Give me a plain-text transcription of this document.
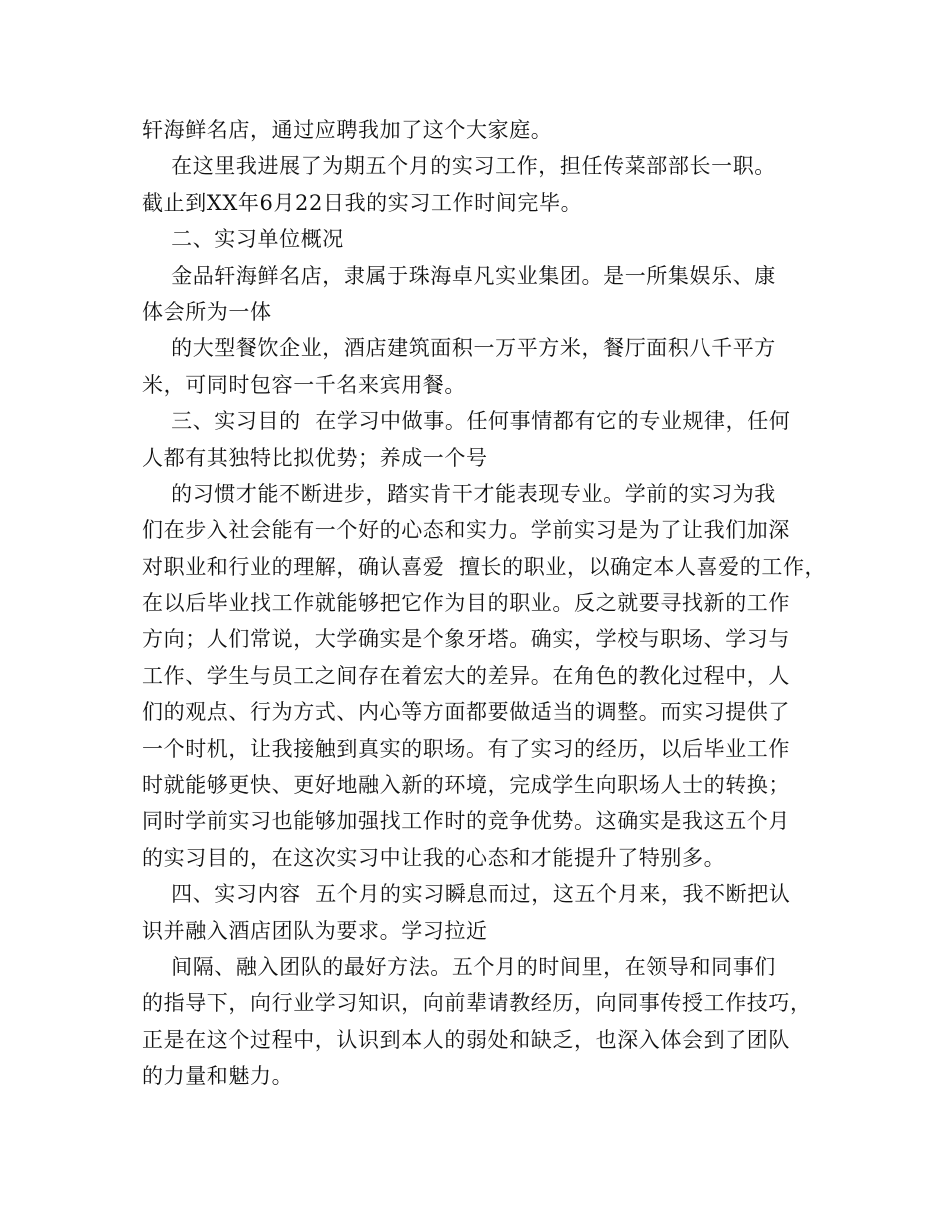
轩海鲜名店，通过应聘我加了这个大家庭。
在这里我进展了为期五个月的实习工作，担任传菜部部长一职。
截止到XX年6月22日我的实习工作时间完毕。
二、实习单位概况
金品轩海鲜名店，隶属于珠海卓凡实业集团。是一所集娱乐、康
体会所为一体
的大型餐饮企业，酒店建筑面积一万平方米，餐厅面积八千平方
米，可同时包容一千名来宾用餐。
三、实习目的  在学习中做事。任何事情都有它的专业规律，任何
人都有其独特比拟优势；养成一个号
的习惯才能不断进步，踏实肯干才能表现专业。学前的实习为我
们在步入社会能有一个好的心态和实力。学前实习是为了让我们加深
对职业和行业的理解，确认喜爱  擅长的职业，以确定本人喜爱的工作，
在以后毕业找工作就能够把它作为目的职业。反之就要寻找新的工作
方向；人们常说，大学确实是个象牙塔。确实，学校与职场、学习与
工作、学生与员工之间存在着宏大的差异。在角色的教化过程中，人
们的观点、行为方式、内心等方面都要做适当的调整。而实习提供了
一个时机，让我接触到真实的职场。有了实习的经历，以后毕业工作
时就能够更快、更好地融入新的环境，完成学生向职场人士的转换；
同时学前实习也能够加强找工作时的竞争优势。这确实是我这五个月
的实习目的，在这次实习中让我的心态和才能提升了特别多。
四、实习内容  五个月的实习瞬息而过，这五个月来，我不断把认
识并融入酒店团队为要求。学习拉近
间隔、融入团队的最好方法。五个月的时间里，在领导和同事们
的指导下，向行业学习知识，向前辈请教经历，向同事传授工作技巧，
正是在这个过程中，认识到本人的弱处和缺乏，也深入体会到了团队
的力量和魅力。
